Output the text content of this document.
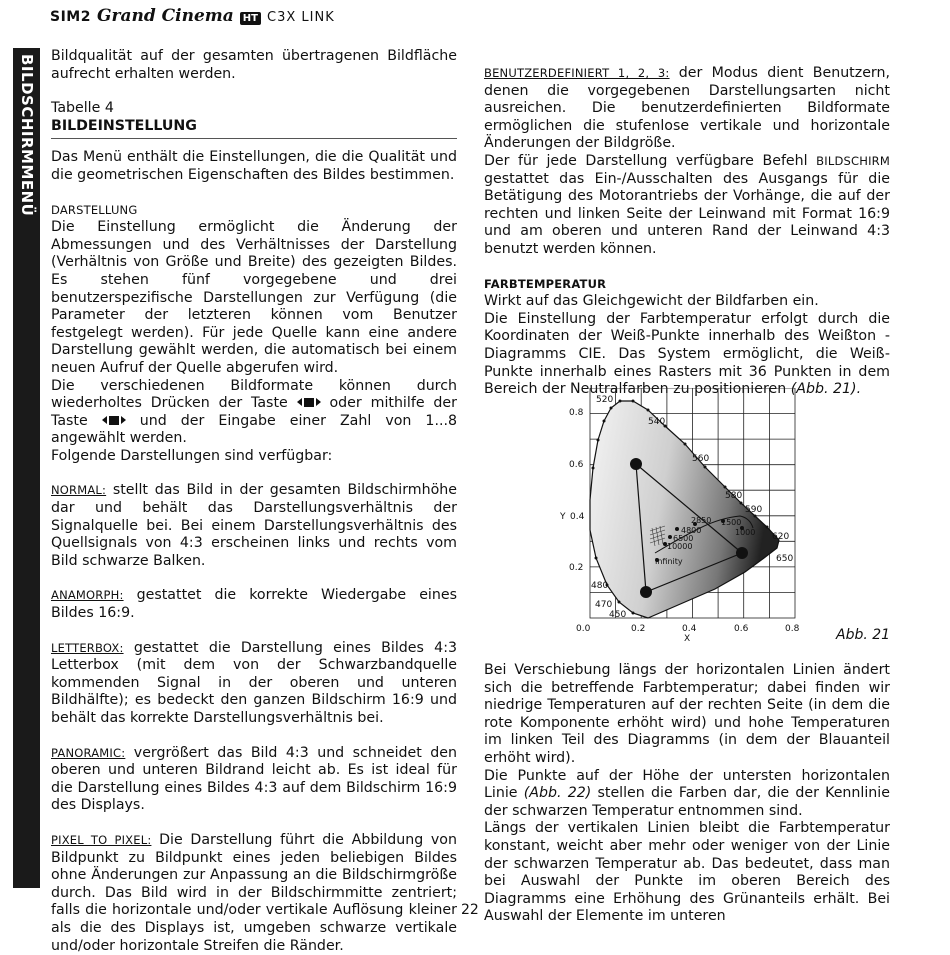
SIM2 Grand Cinema HT C3X LINK
BILDSCHIRMMENÜ Bildqualität auf der gesamten übertragenen Bildfläche aufrecht erhalten werden.

Tabelle 4

BILDEINSTELLUNG

Das Menü enthält die Einstellungen, die die Qualität und die geometrischen Eigenschaften des Bildes bestimmen.

DARSTELLUNG

Die Einstellung ermöglicht die Änderung der Abmessungen und des Verhältnisses der Darstellung (Verhältnis von Größe und Breite) des gezeigten Bildes. Es stehen fünf vorgegebene und drei benutzerspezifische Darstellungen zur Verfügung (die Parameter der letzteren können vom Benutzer festgelegt werden). Für jede Quelle kann eine andere Darstellung gewählt werden, die automatisch bei einem neuen Aufruf der Quelle abgerufen wird.

Die verschiedenen Bildformate können durch wiederholtes Drücken der Taste	oder mithilfe der Taste	und der Eingabe einer Zahl von 1...8 angewählt werden.

Folgende Darstellungen sind verfügbar:

NORMAL: stellt das Bild in der gesamten Bildschirmhöhe dar und behält das Darstellungsverhältnis der Signalquelle bei. Bei einem Darstellungsverhältnis des Quellsignals von 4:3 erscheinen links und rechts vom Bild schwarze Balken.

ANAMORPH: gestattet die korrekte Wiedergabe eines Bildes 16:9.

LETTERBOX: gestattet die Darstellung eines Bildes 4:3 Letterbox (mit dem von der Schwarzbandquelle kommenden Signal in der oberen und unteren Bildhälfte); es bedeckt den ganzen Bildschirm 16:9 und behält das korrekte Darstellungsverhältnis bei.

PANORAMIC: vergrößert das Bild 4:3 und schneidet den oberen und unteren Bildrand leicht ab. Es ist ideal für die Darstellung eines Bildes 4:3 auf dem Bildschirm 16:9 des Displays.

PIXEL TO PIXEL: Die Darstellung führt die Abbildung von Bildpunkt zu Bildpunkt eines jeden beliebigen Bildes ohne Änderungen zur Anpassung an die Bildschirmgröße durch. Das Bild wird in der Bildschirmmitte zentriert; falls die horizontale und/oder vertikale Auflösung kleiner als die des Displays ist, umgeben schwarze vertikale und/oder horizontale Streifen die Ränder.

BENUTZERDEFINIERT 1, 2, 3: der Modus dient Benutzern, denen die vorgegebenen Darstellungsarten nicht ausreichen. Die benutzerdefinierten Bildformate ermöglichen die stufenlose vertikale und horizontale Änderungen der Bildgröße.

Der für jede Darstellung verfügbare Befehl BILDSCHIRM gestattet das Ein-/Ausschalten des Ausgangs für die Betätigung des Motorantriebs der Vorhänge, die auf der rechten und linken Seite der Leinwand mit Format 16:9 und am oberen und unteren Rand der Leinwand 4:3 benutzt werden können.

FARBTEMPERATUR

Wirkt auf das Gleichgewicht der Bildfarben ein.

Die Einstellung der Farbtemperatur erfolgt durch die Koordinaten der Weiß-Punkte innerhalb des Weißton - Diagramms CIE. Das System ermöglicht, die Weiß-Punkte innerhalb eines Rasters mit 36 Punkten in dem Bereich der Neutralfarben zu positionieren (Abb. 21).

520
540
560
580
590
620
650
480
470
450
1500
1000
2850
4800
6500
10000
Infinity
0.0	0.2	0.4	0.6	0.8
X
0.2
Y 0.4
0.6
0.8
Abb. 21

Bei Verschiebung längs der horizontalen Linien ändert sich die betreffende Farbtemperatur; dabei finden wir niedrige Temperaturen auf der rechten Seite (in dem die rote Komponente erhöht wird) und hohe Temperaturen im linken Teil des Diagramms (in dem der Blauanteil erhöht wird).

Die Punkte auf der Höhe der untersten horizontalen Linie (Abb. 22) stellen die Farben dar, die der Kennlinie der schwarzen Temperatur entnommen sind.

Längs der vertikalen Linien bleibt die Farbtemperatur konstant, weicht aber mehr oder weniger von der Linie der schwarzen Temperatur ab. Das bedeutet, dass man bei Auswahl der Punkte im oberen Bereich des Diagramms eine Erhöhung des Grünanteils erhält. Bei Auswahl der Elemente im unteren

22
